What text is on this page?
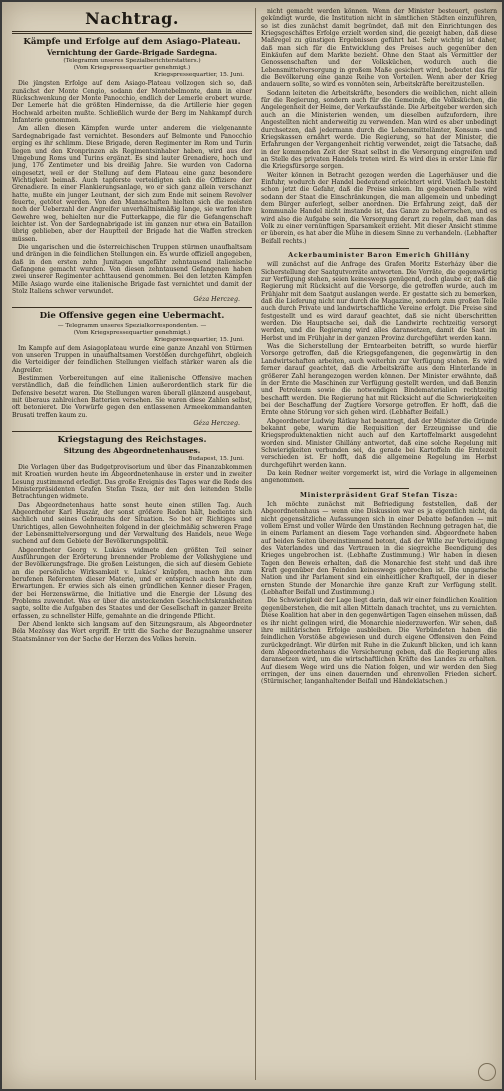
Nachtrag.
Kämpfe und Erfolge auf dem Asiago-Plateau.
Vernichtung der Garde-Brigade Sardegna.
(Telegramm unseres Spezialberichterstatters.)
(Vom Kriegspressequartier genehmigt.)
Kriegspressequartier, 15. Juni.

Die jüngsten Erfolge auf dem Asiago-Plateau vollzogen sich so, daß zunächst der Monte Cengio, sodann der Montebelmonte, dann in einer Rückschwenkung der Monte Panocchio, endlich der Lemerle erobert wurde. Der Lemerle hat die größten Hindernisse, da die Artillerie hier gegen Hochwald arbeiten mußte. Schließlich wurde der Berg im Nahkampf durch Infanterie genommen.

Am allen diesen Kämpfen wurde unter anderem die vielgenannte Sardegnabrigade fast vernichtet. Besonders auf Belmonte und Panocchio erging es ihr schlimm. Diese Brigade, deren Regimenter im Rom und Turin liegen und den Kronprinzen als Regimentsinhaber haben, wird aus der Umgebung Roms und Turins ergänzt. Es sind lauter Grenadiere, hoch und jung, 176 Zentimeter und bis dreißig Jahre. Sie wurden von Cadorna eingesetzt, weil er der Stellung auf dem Plateau eine ganz besondere Wichtigkeit beimaß. Auch tapferste verteidigten sich die Offiziere der Grenadiere. In einer Flankierungsanlage, wo er sich ganz allein verschanzt hatte, mußte ein junger Leutnant, der sich zum Ende mit seinem Revolver feuerte, getötet werden. Von den Mannschaften hielten sich die meisten noch der Ueberzahl der Angreifer unverhältnismäßig lange, sie warfen ihre Gewehre weg, behielten nur die Futterkappe, die für die Gefangenschaft leichter ist. Von der Sardegnabrigade ist im ganzen nur etwa ein Bataillon übrig geblieben, aber der Hauptteil der Brigade hat die Waffen strecken müssen.

Die ungarischen und die österreichischen Truppen stürmen unaufhaltsam und drängen in die feindlichen Stellungen ein. Es wurde offiziell angegeben, daß in den ersten zehn Junitagen ungefähr zehntausend italienische Gefangene gemacht wurden. Von diesen zehntausend Gefangenen haben zwei unserer Regimenter achttausend genommen. Bei den letzten Kämpfen Mille Asiago wurde eine italienische Brigade fast vernichtet und damit der Stolz Italiens schwer verwundet.

Géza Herczeg.
Die Offensive gegen eine Uebermacht.
— Telegramm unseres Spezialkorrespondenten. —
(Vom Kriegspressequartier genehmigt.)
Kriegspressequartier, 15. Juni.

Im Kampfe auf dem Asiagoplateau wurde eine ganze Anzahl von Stürmen von unseren Truppen in unaufhaltsamen Vorstößen durchgeführt, obgleich die Verteidiger der feindlichen Stellungen vielfach stärker waren als die Angreifer.

Bestimmen Vorbereitungen auf eine italienische Offensive machen verständlich, daß die feindlichen Linien außerordentlich stark für die Defensive besetzt waren. Die Stellungen waren überall glänzend ausgebaut, mit überaus zahlreichen Batterien versehen. Sie waren diese Zahlen selbst, oft betonieret. Die Vorwürfe gegen den entlassenen Armeekommandanten Brusati treffen kaum zu.

Géza Herczeg.
Kriegstagung des Reichstages.
Sitzung des Abgeordnetenhauses.
Budapest, 15. Juni.

Die Vorlagen über das Budgetprovisorium und über das Finanzabkommen mit Kroatien wurden heute im Abgeordnetenhause in erster und in zweiter Lesung zustimmend erledigt. Das große Ereignis des Tages war die Rede des Ministerpräsidenten Grafen Stefan Tisza, der mit den leitenden Stelle Betrachtungen widmete.

Das Abgeordnetenhaus hatte sonst heute einen stillen Tag. Auch Abgeordneter Karl Huszár, der sonst größere Reden hält, bediente sich sachlich und seines Gebrauchs der Situation. So bot er Richtiges und Unrichtiges, allen Gewohnheiten folgend in der gleichmäßig schweren Frage der Lebensmittelversorgung und der Verwaltung des Handels, neue Wege suchend auf dem Gebiete der Bevölkerungspolitik.

Abgeordneter Georg v. Lukács widmete den größten Teil seiner Ausführungen der Erörterung brennender Probleme der Volkshygiene und der Bevölkerungsfrage. Die großen Leistungen, die sich auf diesem Gebiete an die persönliche Wirksamkeit v. Lukács' knüpfen, machen ihn zum berufenen Referenten dieser Materie, und er entsprach auch heute den Erwartungen. Er erwies sich als einen gründlichen Kenner dieser Fragen, der bei Herzenswärme, die Initiative und die Energie der Lösung des Problems zuwendet. Was er über die ansteckenden Geschlechtskrankheiten sagte, sollte die Aufgaben des Staates und der Gesellschaft in ganzer Breite erfassen, zu schnellster Hilfe, gemahnte an die dringende Pflicht.

Der Abend lenkte sich langsam auf den Sitzungsraum, als Abgeordneter Béla Mezössy das Wort ergriff. Er tritt die Sache der Bezugnahme unserer Staatsmänner von der Sache der Herzen des Volkes herein.

nicht gemacht werden können. Wenn der Minister besteuert, gestern gekündigt wurde, die Institution nicht in sämtlichen Städten einzuführen, so ist dies zunächst damit begründet, daß mit den Einrichtungen des Kriegsgeschäftes Erfolge erzielt worden sind, die gezeigt haben, daß diese Maßregel zu günstigen Ergebnissen geführt hat. Sehr wichtig ist daher, daß man sich für die Entwicklung des Preises auch gegenüber den Einkäufen auf dem Markte bezieht. Ohne den Staat als Vermittler der Genossenschaften und der Volksküchen, wodurch auch die Lebensmittelversorgung in großem Maße gesichert wird, bedeutet das für die Bevölkerung eine ganze Reihe von Vorteilen. Wenn aber der Krieg andauern sollte, so wird es vonnöten sein, Arbeitskräfte bereitzustellen.

Sodann leiteten die Arbeitskräfte, besonders die weiblichen, nicht allein für die Regierung, sondern auch für die Gemeinde, die Volksküchen, die Angelegenheit der Heime, der Verkaufsstände. Die Arbeitgeber werden sich auch an die Ministerien wenden, um dieselben aufzufordern, ihre Angestellten nicht anderweitig zu verwenden. Man wird es aber unbedingt durchsetzen, daß jedermann durch die Lebensmittelämter, Konsum- und Kriegskassen ernährt werde. Die Regierung, so hat der Minister, die Erfahrungen der Vergangenheit richtig verwendet, zeigt die Tatsache, daß in der kommenden Zeit der Staat selbst in die Versorgung eingreifen und an Stelle des privaten Handels treten wird. Es wird dies in erster Linie für die Kriegsfürsorge sorgen.

Weiter können in Betracht gezogen werden die Lagerhäuser und die Einfuhr, wodurch der Handel bedeutend erleichtert wird. Vielfach besteht schon jetzt die Gefahr, daß die Preise sinken. Im gegebenen Falle wird sodann der Staat die Einschränkungen, die man allgemein und unbedingt dem Bürger auferlegt, selber anordnen. Die Erfahrung zeigt, daß der kommunale Handel nicht imstande ist, das Ganze zu beherrschen, und es wird also die Aufgabe sein, die Versorgung derart zu regeln, daß man das Volk zu einer vernünftigen Sparsamkeit erzieht. Mit dieser Ansicht stimme er überein, es hat aber die Mühe in diesem Sinne zu verhandeln. (Lebhafter Beifall rechts.)

Ackerbauminister Baron Emerich Ghillány

will zunächst auf die Anfrage des Grafen Moritz Esterházy über die Sicherstellung der Saatgutvorräte antworten. Die Vorräte, die gegenwärtig zur Verfügung stehen, seien keineswegs genügend, doch glaube er, daß die Regierung mit Rücksicht auf die Vorsorge, die getroffen wurde, auch im Frühjahr mit dem Saatgut auslangen werde. Er gestatte sich zu bemerken, daß die Lieferung nicht nur durch die Magazine, sondern zum großen Teile auch durch Private und landwirtschaftliche Vereine erfolgt. Die Preise sind festgestellt und es wird darauf geachtet, daß sie nicht überschritten werden. Die Hauptsache sei, daß die Landwirte rechtzeitig versorgt werden, und die Regierung wird alles daransetzen, damit die Saat im Herbst und im Frühjahr in der ganzen Provinz durchgeführt werden kann.

Was die Sicherstellung der Erntearbeiten betrifft, so wurde hierfür Vorsorge getroffen, daß die Kriegsgefangenen, die gegenwärtig in den Landwirtschaften arbeiten, auch weiterhin zur Verfügung stehen. Es wird ferner darauf geachtet, daß die Arbeitskräfte aus dem Hinterlande in größerer Zahl herangezogen werden können. Der Minister erwähnte, daß in der Ernte die Maschinen zur Verfügung gestellt werden, und daß Benzin und Petroleum sowie die notwendigen Bindematerialien rechtzeitig beschafft werden. Die Regierung hat mit Rücksicht auf die Schwierigkeiten bei der Beschaffung der Zugtiere Vorsorge getroffen. Er hofft, daß die Ernte ohne Störung vor sich gehen wird. (Lebhafter Beifall.)

Abgeordneter Ludwig Rátkay hat beantragt, daß der Minister die Gründe bekannt gebe, warum die Requisition der Erzeugnisse und die Kriegsproduktenaktien nicht auch auf den Kartoffelmarkt ausgedehnt worden sind. Minister Ghillány antwortet, daß eine solche Regelung mit Schwierigkeiten verbunden sei, da gerade bei Kartoffeln die Erntezeit verschieden ist. Er hofft, daß die allgemeine Regelung im Herbst durchgeführt werden kann.

Da kein Redner weiter vorgemerkt ist, wird die Vorlage in allgemeinen angenommen.

Ministerpräsident Graf Stefan Tisza:

Ich möchte zunächst mit Befriedigung feststellen, daß der Abgeordnetenhaus — wenn eine Diskussion war es ja eigentlich nicht, da nicht gegensätzliche Aufassungen sich in einer Debatte befanden — mit vollem Ernst und voller Würde den Umständen Rechnung getragen hat, die in einem Parlament an diesem Tage vorhanden sind. Abgeordnete haben auf beiden Seiten übereinstimmend betont, daß der Wille zur Verteidigung des Vaterlandes und das Vertrauen in die siegreiche Beendigung des Krieges ungebrochen ist. (Lebhafte Zustimmung.) Wir haben in diesen Tagen den Beweis erhalten, daß die Monarchie fest steht und daß ihre Kraft gegenüber den Feinden keineswegs gebrochen ist. Die ungarische Nation und ihr Parlament sind ein einheitlicher Kraftquell, der in dieser ernsten Stunde der Monarchie ihre ganze Kraft zur Verfügung stellt. (Lebhafter Beifall und Zustimmung.)

Die Schwierigkeit der Lage liegt darin, daß wir einer feindlichen Koalition gegenüberstehen, die mit allen Mitteln danach trachtet, uns zu vernichten. Diese Koalition hat aber in den gegenwärtigen Tagen einsehen müssen, daß es ihr nicht gelingen wird, die Monarchie niederzuwerfen. Wir sehen, daß ihre militärischen Erfolge ausbleiben. Die Verbündeten haben die feindlichen Vorstöße abgewiesen und durch eigene Offensiven den Feind zurückgedrängt. Wir dürfen mit Ruhe in die Zukunft blicken, und ich kann dem Abgeordnetenhaus die Versicherung geben, daß die Regierung alles daransetzen wird, um die wirtschaftlichen Kräfte des Landes zu erhalten. Auf diesem Wege wird uns die Nation folgen, und wir werden den Sieg erringen, der uns einen dauernden und ehrenvollen Frieden sichert. (Stürmischer, langanhaltender Beifall und Händeklatschen.)
